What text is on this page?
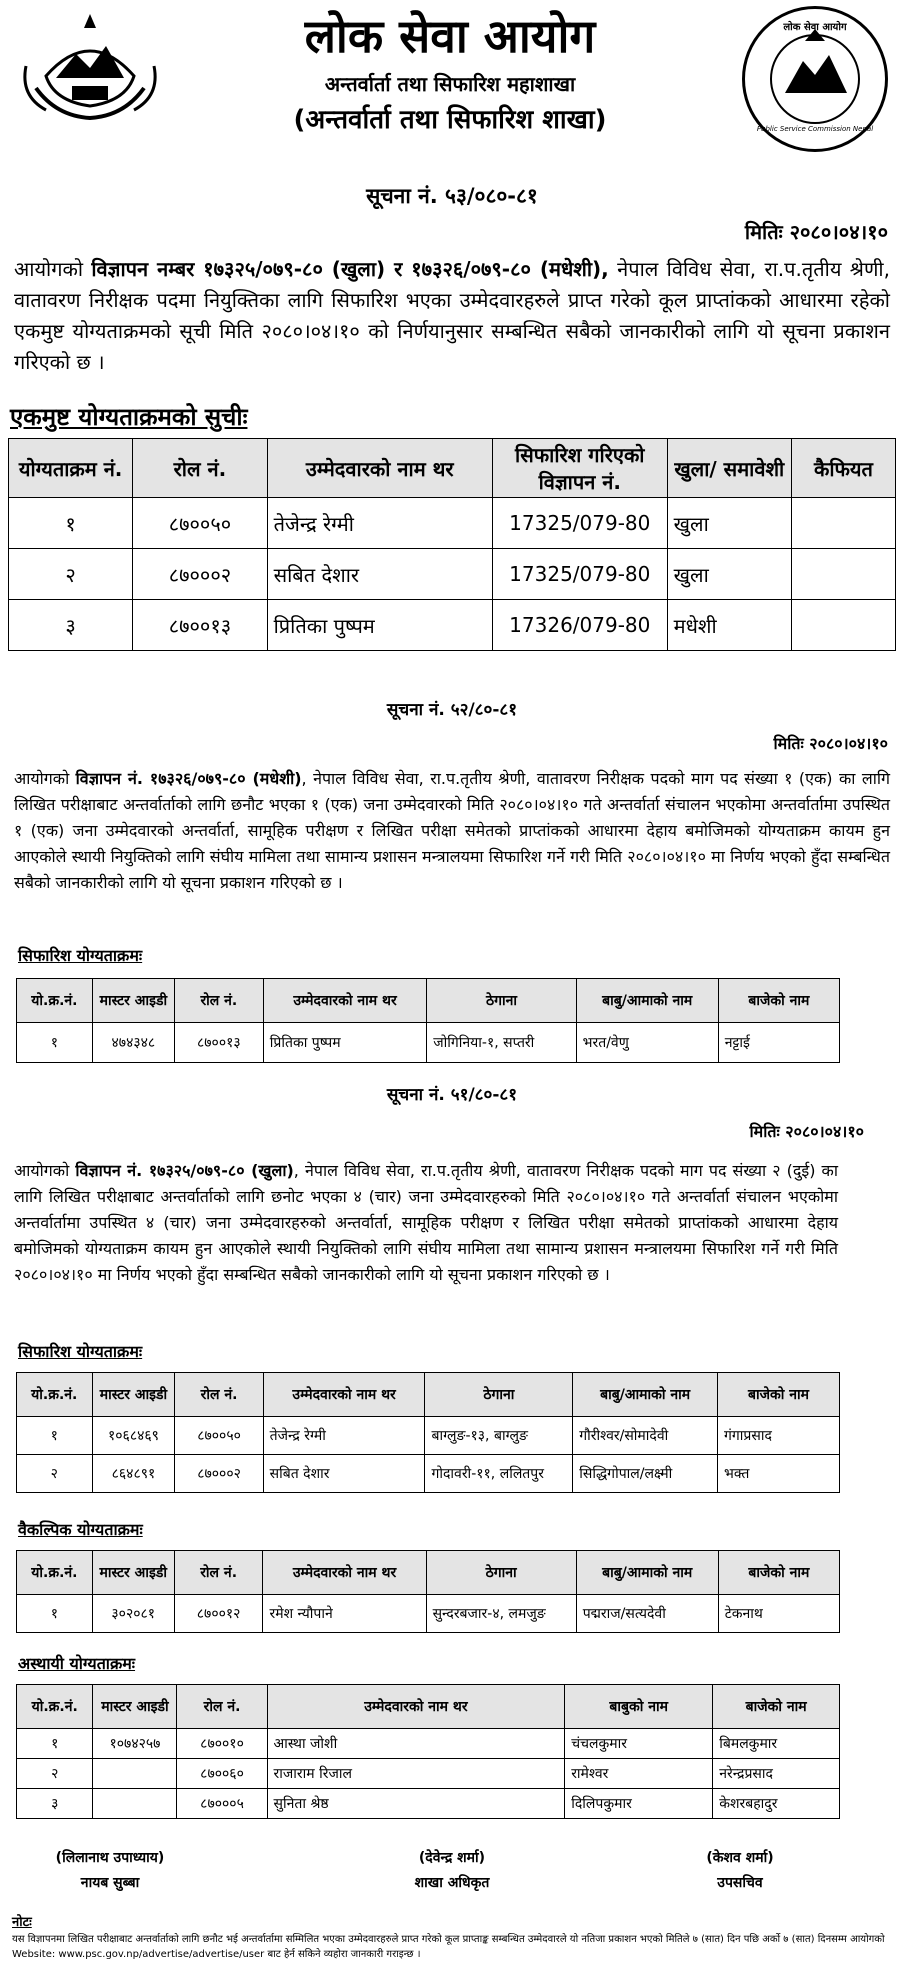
लोक सेवा आयोग
अन्तर्वार्ता तथा सिफारिश महाशाखा
(अन्तर्वार्ता तथा सिफारिश शाखा)
लोक सेवा आयोग
Public Service Commission Nepal
सूचना नं. ५३/०८०-८१
मितिः २०८०।०४।१०
आयोगको विज्ञापन नम्बर १७३२५/०७९-८० (खुला) र १७३२६/०७९-८० (मधेशी), नेपाल विविध सेवा, रा.प.तृतीय श्रेणी, वातावरण निरीक्षक पदमा नियुक्तिका लागि सिफारिश भएका उम्मेदवारहरुले प्राप्त गरेको कूल प्राप्तांकको आधारमा रहेको एकमुष्ट योग्यताक्रमको सूची मिति २०८०।०४।१० को निर्णयानुसार सम्बन्धित सबैको जानकारीको लागि यो सूचना प्रकाशन गरिएको छ ।
एकमुष्ट योग्यताक्रमको सुचीः
योग्यताक्रम नं.	रोल नं.	उम्मेदवारको नाम थर	सिफारिश गरिएको विज्ञापन नं.	खुला/ समावेशी	कैफियत
१	८७००५०	तेजेन्द्र रेग्मी	17325/079-80	खुला	
२	८७०००२	सबित देशार	17325/079-80	खुला	
३	८७००१३	प्रितिका पुष्पम	17326/079-80	मधेशी	
सूचना नं. ५२/८०-८१
मितिः २०८०।०४।१०
आयोगको विज्ञापन नं. १७३२६/०७९-८० (मधेशी), नेपाल विविध सेवा, रा.प.तृतीय श्रेणी, वातावरण निरीक्षक पदको माग पद संख्या १ (एक) का लागि लिखित परीक्षाबाट अन्तर्वार्ताको लागि छनौट भएका १ (एक) जना उम्मेदवारको मिति २०८०।०४।१० गते अन्तर्वार्ता संचालन भएकोमा अन्तर्वार्तामा उपस्थित १ (एक) जना उम्मेदवारको अन्तर्वार्ता, सामूहिक परीक्षण र लिखित परीक्षा समेतको प्राप्तांकको आधारमा देहाय बमोजिमको योग्यताक्रम कायम हुन आएकोले स्थायी नियुक्तिको लागि संघीय मामिला तथा सामान्य प्रशासन मन्त्रालयमा सिफारिश गर्ने गरी मिति २०८०।०४।१० मा निर्णय भएको हुँदा सम्बन्धित सबैको जानकारीको लागि यो सूचना प्रकाशन गरिएको छ ।
सिफारिश योग्यताक्रमः
यो.क्र.नं.	मास्टर आइडी	रोल नं.	उम्मेदवारको नाम थर	ठेगाना	बाबु/आमाको नाम	बाजेको नाम
१	४७४३४८	८७००१३	प्रितिका पुष्पम	जोगिनिया-१, सप्तरी	भरत/वेणु	नट्टाई
सूचना नं. ५१/८०-८१
मितिः २०८०।०४।१०
आयोगको विज्ञापन नं. १७३२५/०७९-८० (खुला), नेपाल विविध सेवा, रा.प.तृतीय श्रेणी, वातावरण निरीक्षक पदको माग पद संख्या २ (दुई) का लागि लिखित परीक्षाबाट अन्तर्वार्ताको लागि छनोट भएका ४ (चार) जना उम्मेदवारहरुको मिति २०८०।०४।१० गते अन्तर्वार्ता संचालन भएकोमा अन्तर्वार्तामा उपस्थित ४ (चार) जना उम्मेदवारहरुको अन्तर्वार्ता, सामूहिक परीक्षण र लिखित परीक्षा समेतको प्राप्तांकको आधारमा देहाय बमोजिमको योग्यताक्रम कायम हुन आएकोले स्थायी नियुक्तिको लागि संघीय मामिला तथा सामान्य प्रशासन मन्त्रालयमा सिफारिश गर्ने गरी मिति २०८०।०४।१० मा निर्णय भएको हुँदा सम्बन्धित सबैको जानकारीको लागि यो सूचना प्रकाशन गरिएको छ ।
सिफारिश योग्यताक्रमः
यो.क्र.नं.	मास्टर आइडी	रोल नं.	उम्मेदवारको नाम थर	ठेगाना	बाबु/आमाको नाम	बाजेको नाम
१	१०६८४६९	८७००५०	तेजेन्द्र रेग्मी	बाग्लुङ-१३, बाग्लुङ	गौरीश्वर/सोमादेवी	गंगाप्रसाद
२	८६४८९१	८७०००२	सबित देशार	गोदावरी-११, ललितपुर	सिद्धिगोपाल/लक्ष्मी	भक्त
वैकल्पिक योग्यताक्रमः
यो.क्र.नं.	मास्टर आइडी	रोल नं.	उम्मेदवारको नाम थर	ठेगाना	बाबु/आमाको नाम	बाजेको नाम
१	३०२०८१	८७००१२	रमेश न्यौपाने	सुन्दरबजार-४, लमजुङ	पद्मराज/सत्यदेवी	टेकनाथ
अस्थायी योग्यताक्रमः
यो.क्र.नं.	मास्टर आइडी	रोल नं.	उम्मेदवारको नाम थर	बाबुको नाम	बाजेको नाम
१	१०७४२५७	८७००१०	आस्था जोशी	चंचलकुमार	बिमलकुमार
२		८७००६०	राजाराम रिजाल	रामेश्वर	नरेन्द्रप्रसाद
३		८७०००५	सुनिता श्रेष्ठ	दिलिपकुमार	केशरबहादुर
(लिलानाथ उपाध्याय)
नायब सुब्बा
(देवेन्द्र शर्मा)
शाखा अधिकृत
(केशव शर्मा)
उपसचिव
नोटः
यस विज्ञापनमा लिखित परीक्षाबाट अन्तर्वार्ताको लागि छनौट भई अन्तर्वार्तामा सम्मिलित भएका उम्मेदवारहरुले प्राप्त गरेको कूल प्राप्ताङ्क सम्बन्धित उम्मेदवारले यो नतिजा प्रकाशन भएको मितिले ७ (सात) दिन पछि अर्को ७ (सात) दिनसम्म आयोगको Website: www.psc.gov.np/advertise/advertise/user बाट हेर्न सकिने व्यहोरा जानकारी गराइन्छ ।
